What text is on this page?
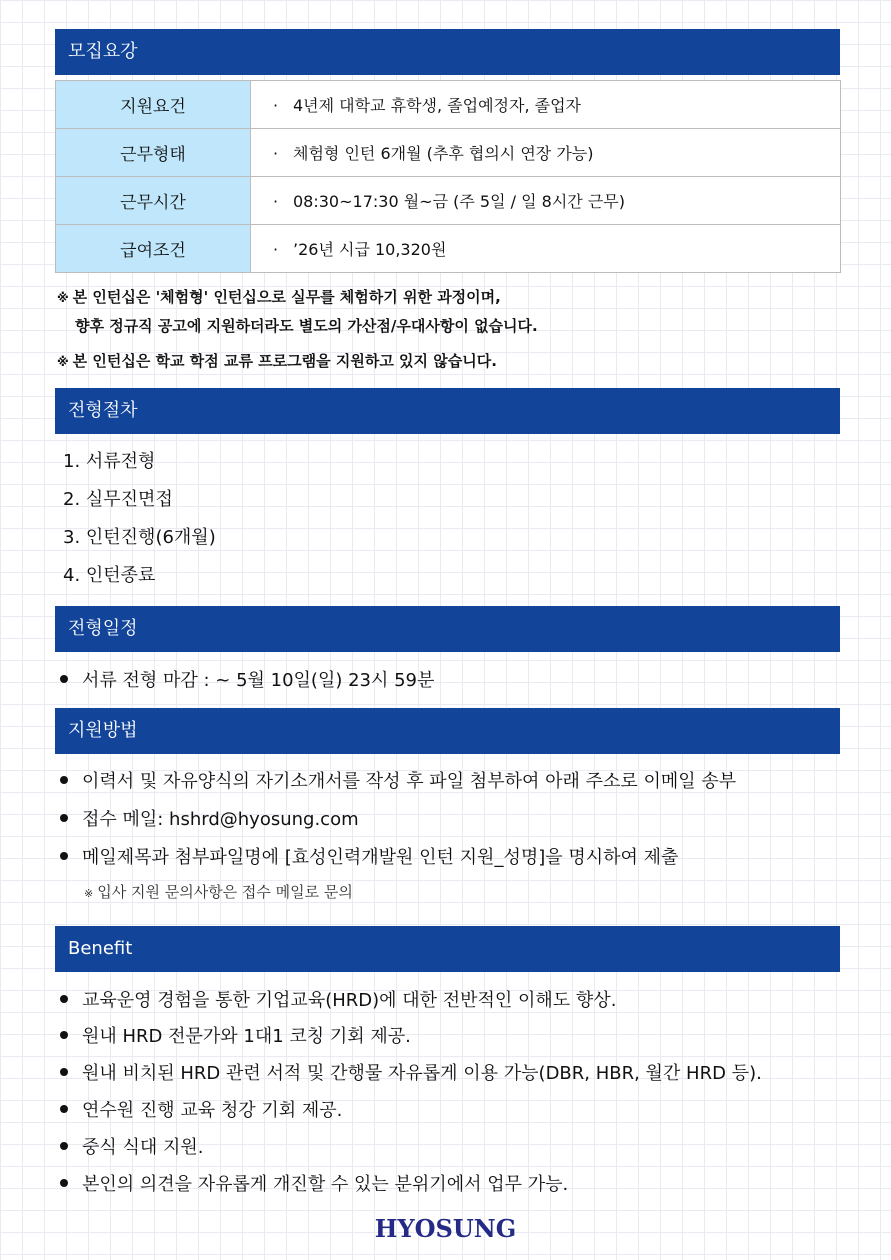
모집요강
지원요건	· 4년제 대학교 휴학생, 졸업예정자, 졸업자
근무형태	· 체험형 인턴 6개월 (추후 협의시 연장 가능)
근무시간	· 08:30~17:30 월~금 (주 5일 / 일 8시간 근무)
급여조건	· ’26년 시급 10,320원
※ 본 인턴십은 '체험형' 인턴십으로 실무를 체험하기 위한 과정이며,
향후 정규직 공고에 지원하더라도 별도의 가산점/우대사항이 없습니다.
※ 본 인턴십은 학교 학점 교류 프로그램을 지원하고 있지 않습니다.
전형절차
1. 서류전형
2. 실무진면접
3. 인턴진행(6개월)
4. 인턴종료
전형일정
서류 전형 마감 : ~ 5월 10일(일) 23시 59분
지원방법
이력서 및 자유양식의 자기소개서를 작성 후 파일 첨부하여 아래 주소로 이메일 송부
접수 메일: hshrd@hyosung.com
메일제목과 첨부파일명에 [효성인력개발원 인턴 지원_성명]을 명시하여 제출
※ 입사 지원 문의사항은 접수 메일로 문의
Benefit
교육운영 경험을 통한 기업교육(HRD)에 대한 전반적인 이해도 향상.
원내 HRD 전문가와 1대1 코칭 기회 제공.
원내 비치된 HRD 관련 서적 및 간행물 자유롭게 이용 가능(DBR, HBR, 월간 HRD 등).
연수원 진행 교육 청강 기회 제공.
중식 식대 지원.
본인의 의견을 자유롭게 개진할 수 있는 분위기에서 업무 가능.
HYOSUNG
